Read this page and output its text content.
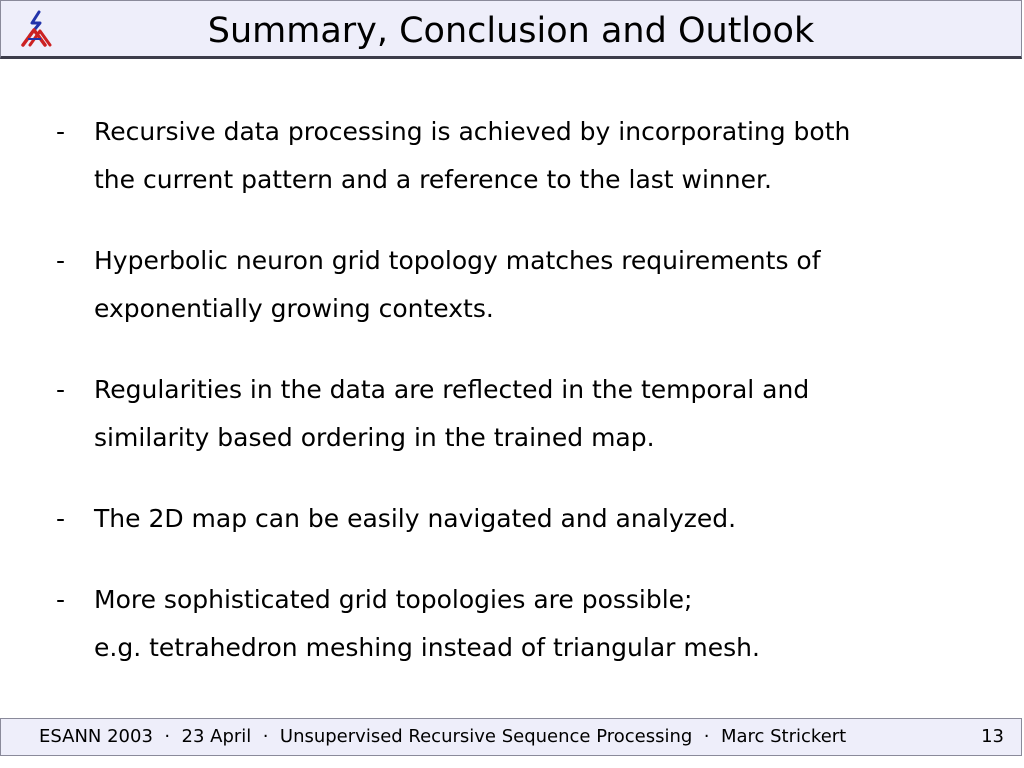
Summary, Conclusion and Outlook
-	Recursive data processing is achieved by incorporating both
the current pattern and a reference to the last winner.
-	Hyperbolic neuron grid topology matches requirements of
exponentially growing contexts.
-	Regularities in the data are reflected in the temporal and
similarity based ordering in the trained map.
-	The 2D map can be easily navigated and analyzed.
-	More sophisticated grid topologies are possible;
e.g. tetrahedron meshing instead of triangular mesh.
ESANN 2003  ·  23 April  ·  Unsupervised Recursive Sequence Processing  ·  Marc Strickert	13
